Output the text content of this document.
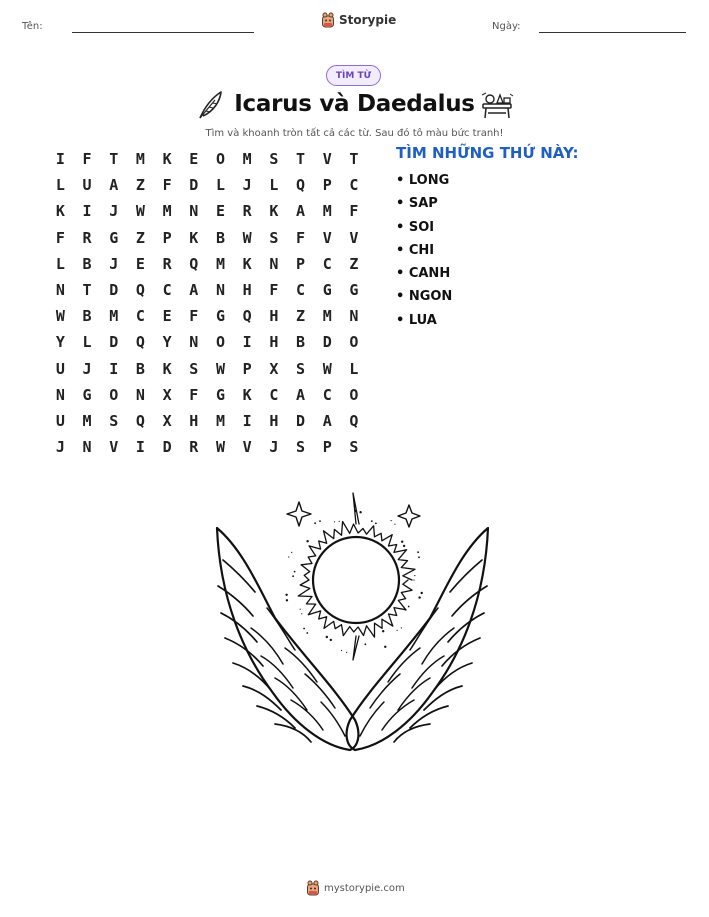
Tên:	Storypie	Ngày:
TÌM TỪ
Icarus và Daedalus
Tìm và khoanh tròn tất cả các từ. Sau đó tô màu bức tranh!
I	F	T	M	K	E	O	M	S	T	V	T
L	U	A	Z	F	D	L	J	L	Q	P	C
K	I	J	W	M	N	E	R	K	A	M	F
F	R	G	Z	P	K	B	W	S	F	V	V
L	B	J	E	R	Q	M	K	N	P	C	Z
N	T	D	Q	C	A	N	H	F	C	G	G
W	B	M	C	E	F	G	Q	H	Z	M	N
Y	L	D	Q	Y	N	O	I	H	B	D	O
U	J	I	B	K	S	W	P	X	S	W	L
N	G	O	N	X	F	G	K	C	A	C	O
U	M	S	Q	X	H	M	I	H	D	A	Q
J	N	V	I	D	R	W	V	J	S	P	S
TÌM NHỮNG THỨ NÀY:
• LONG
• SAP
• SOI
• CHI
• CANH
• NGON
• LUA
mystorypie.com
